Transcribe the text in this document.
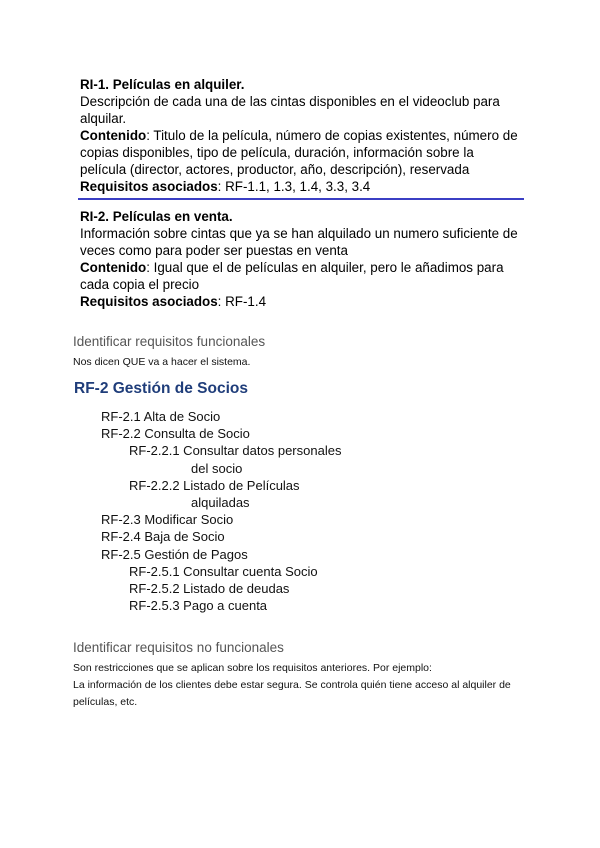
RI-1. Películas en alquiler.

Descripción de cada una de las cintas disponibles en el videoclub para alquilar.

Contenido: Titulo de la película, número de copias existentes, número de copias disponibles, tipo de película, duración, información sobre la película (director, actores, productor, año, descripción), reservada

Requisitos asociados: RF-1.1, 1.3, 1.4, 3.3, 3.4

RI-2. Películas en venta.

Información sobre cintas que ya se han alquilado un numero suficiente de veces como para poder ser puestas en venta

Contenido: Igual que el de películas en alquiler, pero le añadimos para cada copia el precio

Requisitos asociados: RF-1.4

Identificar requisitos funcionales
Nos dicen QUE va a hacer el sistema.
RF-2 Gestión de Socios
RF-2.1 Alta de Socio
RF-2.2 Consulta de Socio
RF-2.2.1 Consultar datos personales
del socio
RF-2.2.2 Listado de Películas
alquiladas
RF-2.3 Modificar Socio
RF-2.4 Baja de Socio
RF-2.5 Gestión de Pagos
RF-2.5.1 Consultar cuenta Socio
RF-2.5.2 Listado de deudas
RF-2.5.3 Pago a cuenta
Identificar requisitos no funcionales
Son restricciones que se aplican sobre los requisitos anteriores. Por ejemplo:
La información de los clientes debe estar segura. Se controla quién tiene acceso al alquiler de películas, etc.
